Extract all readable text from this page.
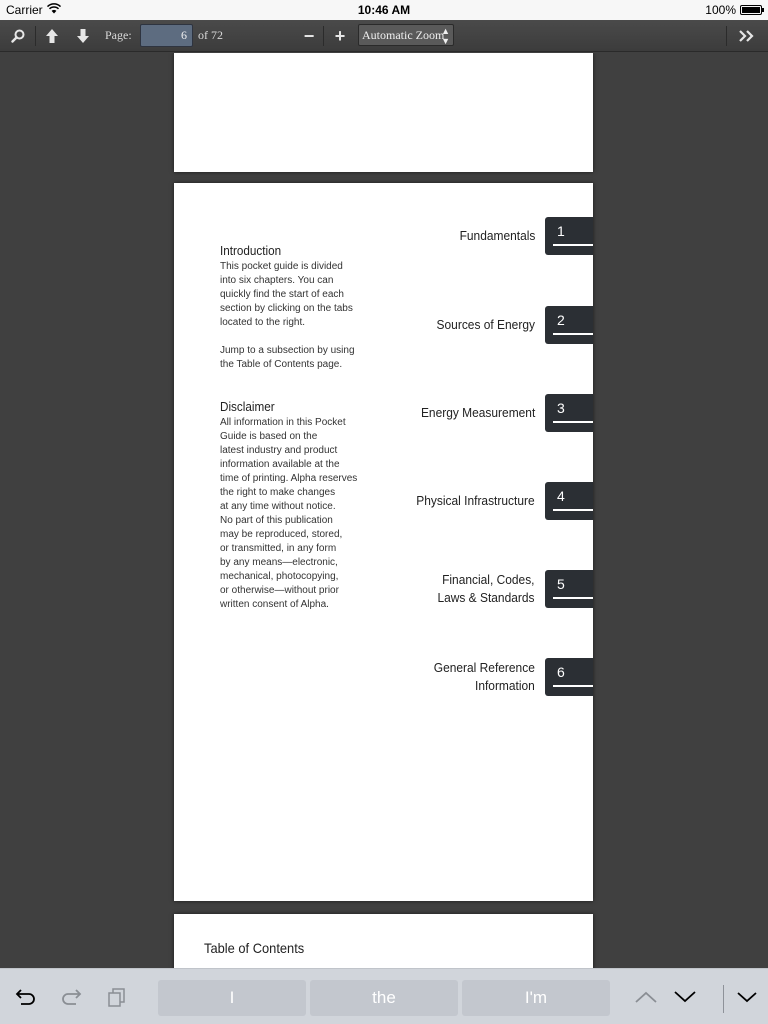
Carrier	10:46 AM	100%
Page:	6 of 72	−	+	Automatic Zoom
▲
▼
Introduction
This pocket guide is divided
into six chapters. You can
quickly find the start of each
section by clicking on the tabs
located to the right.
Jump to a subsection by using
the Table of Contents page.
Disclaimer
All information in this Pocket
Guide is based on the
latest industry and product
information available at the
time of printing. Alpha reserves
the right to make changes
at any time without notice.
No part of this publication
may be reproduced, stored,
or transmitted, in any form
by any means—electronic,
mechanical, photocopying,
or otherwise—without prior
written consent of Alpha.
Fundamentals 1
Sources of Energy 2
Energy Measurement 3
Physical Infrastructure 4
Financial, Codes,
Laws & Standards
5
General Reference
Information
6
Table of Contents
I	the	I'm
